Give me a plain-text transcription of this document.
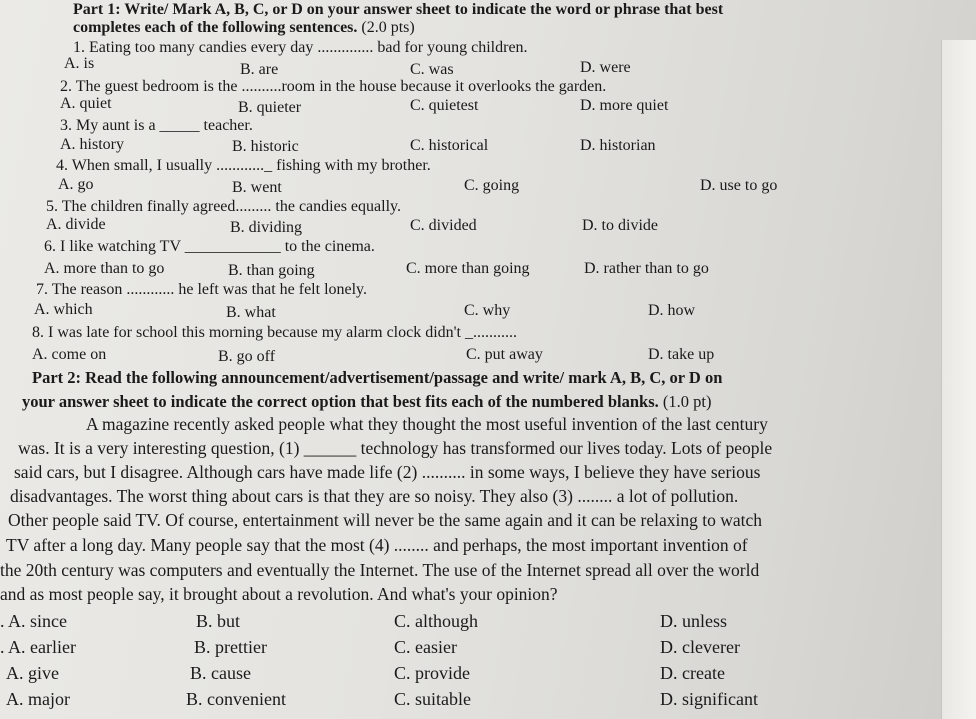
Part 1: Write/ Mark A, B, C, or D on your answer sheet to indicate the word or phrase that best
completes each of the following sentences. (2.0 pts)
1. Eating too many candies every day .............. bad for young children.
A. is	B. are	C. was	D. were
2. The guest bedroom is the ..........room in the house because it overlooks the garden.
A. quiet	B. quieter	C. quietest	D. more quiet
3. My aunt is a _____ teacher.
A. history	B. historic	C. historical	D. historian
4. When small, I usually ............_ fishing with my brother.
A. go	B. went	C. going	D. use to go
5. The children finally agreed......... the candies equally.
A. divide	B. dividing	C. divided	D. to divide
6. I like watching TV ____________ to the cinema.
A. more than to go	B. than going	C. more than going	D. rather than to go
7. The reason ............ he left was that he felt lonely.
A. which	B. what	C. why	D. how
8. I was late for school this morning because my alarm clock didn't _...........
A. come on	B. go off	C. put away	D. take up
Part 2: Read the following announcement/advertisement/passage and write/ mark A, B, C, or D on
your answer sheet to indicate the correct option that best fits each of the numbered blanks. (1.0 pt)
A magazine recently asked people what they thought the most useful invention of the last century
was. It is a very interesting question, (1) ______ technology has transformed our lives today. Lots of people
said cars, but I disagree. Although cars have made life (2) .......... in some ways, I believe they have serious
disadvantages. The worst thing about cars is that they are so noisy. They also (3) ........ a lot of pollution.
Other people said TV. Of course, entertainment will never be the same again and it can be relaxing to watch
TV after a long day. Many people say that the most (4) ........ and perhaps, the most important invention of
the 20th century was computers and eventually the Internet. The use of the Internet spread all over the world
and as most people say, it brought about a revolution. And what's your opinion?
. A. since	B. but	C. although	D. unless
. A. earlier	B. prettier	C. easier	D. cleverer
A. give	B. cause	C. provide	D. create
A. major	B. convenient	C. suitable	D. significant
